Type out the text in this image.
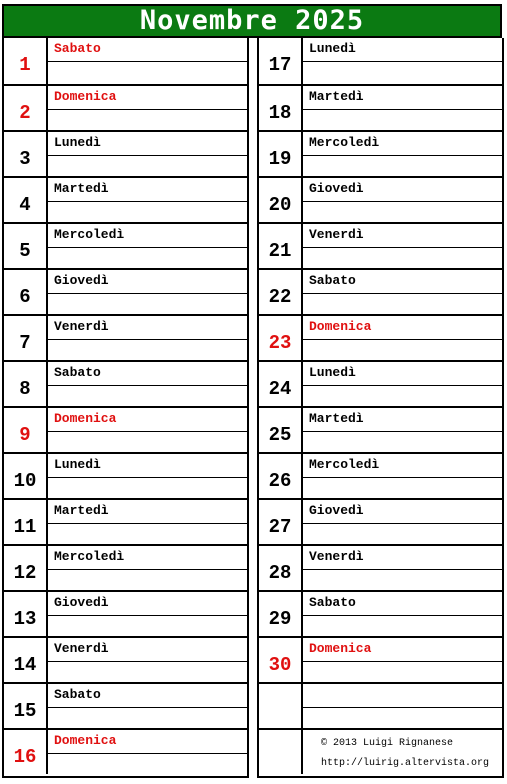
Novembre 2025
1
Sabato
2
Domenica
3
Lunedì
4
Martedì
5
Mercoledì
6
Giovedì
7
Venerdì
8
Sabato
9
Domenica
10
Lunedì
11
Martedì
12
Mercoledì
13
Giovedì
14
Venerdì
15
Sabato
16
Domenica
17
Lunedì
18
Martedì
19
Mercoledì
20
Giovedì
21
Venerdì
22
Sabato
23
Domenica
24
Lunedì
25
Martedì
26
Mercoledì
27
Giovedì
28
Venerdì
29
Sabato
30
Domenica
© 2013 Luigi Rignanese
http://luirig.altervista.org
